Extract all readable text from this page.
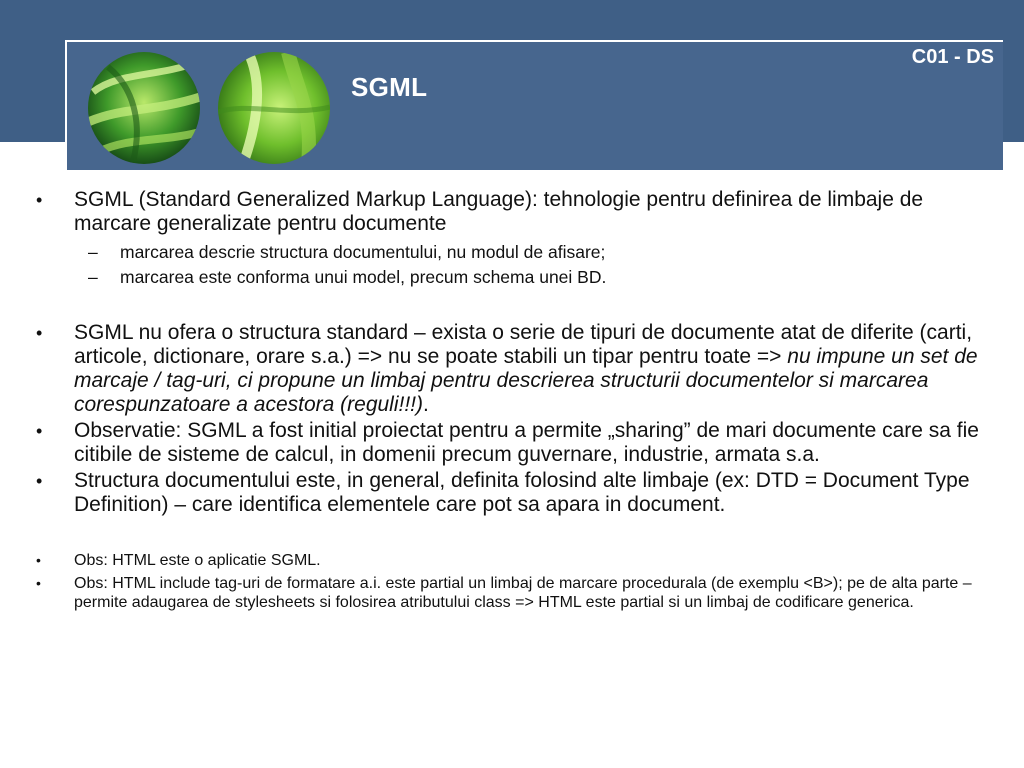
SGML
C01 - DS
• SGML (Standard Generalized Markup Language): tehnologie pentru definirea de limbaje de marcare generalizate pentru documente
– marcarea descrie structura documentului, nu modul de afisare;
– marcarea este conforma unui model, precum schema unei BD.
• SGML nu ofera o structura standard – exista o serie de tipuri de documente atat de diferite (carti, articole, dictionare, orare s.a.) => nu se poate stabili un tipar pentru toate => nu impune un set de marcaje / tag-uri, ci propune un limbaj pentru descrierea structurii documentelor si marcarea corespunzatoare a acestora (reguli!!!).
• Observatie: SGML a fost initial proiectat pentru a permite „sharing” de mari documente care sa fie citibile de sisteme de calcul, in domenii precum guvernare, industrie, armata s.a.
• Structura documentului este, in general, definita folosind alte limbaje (ex: DTD = Document Type Definition) – care identifica elementele care pot sa apara in document.
• Obs: HTML este o aplicatie SGML.
• Obs: HTML include tag-uri de formatare a.i. este partial un limbaj de marcare procedurala (de exemplu <B>); pe de alta parte – permite adaugarea de stylesheets si folosirea atributului class => HTML este partial si un limbaj de codificare generica.
